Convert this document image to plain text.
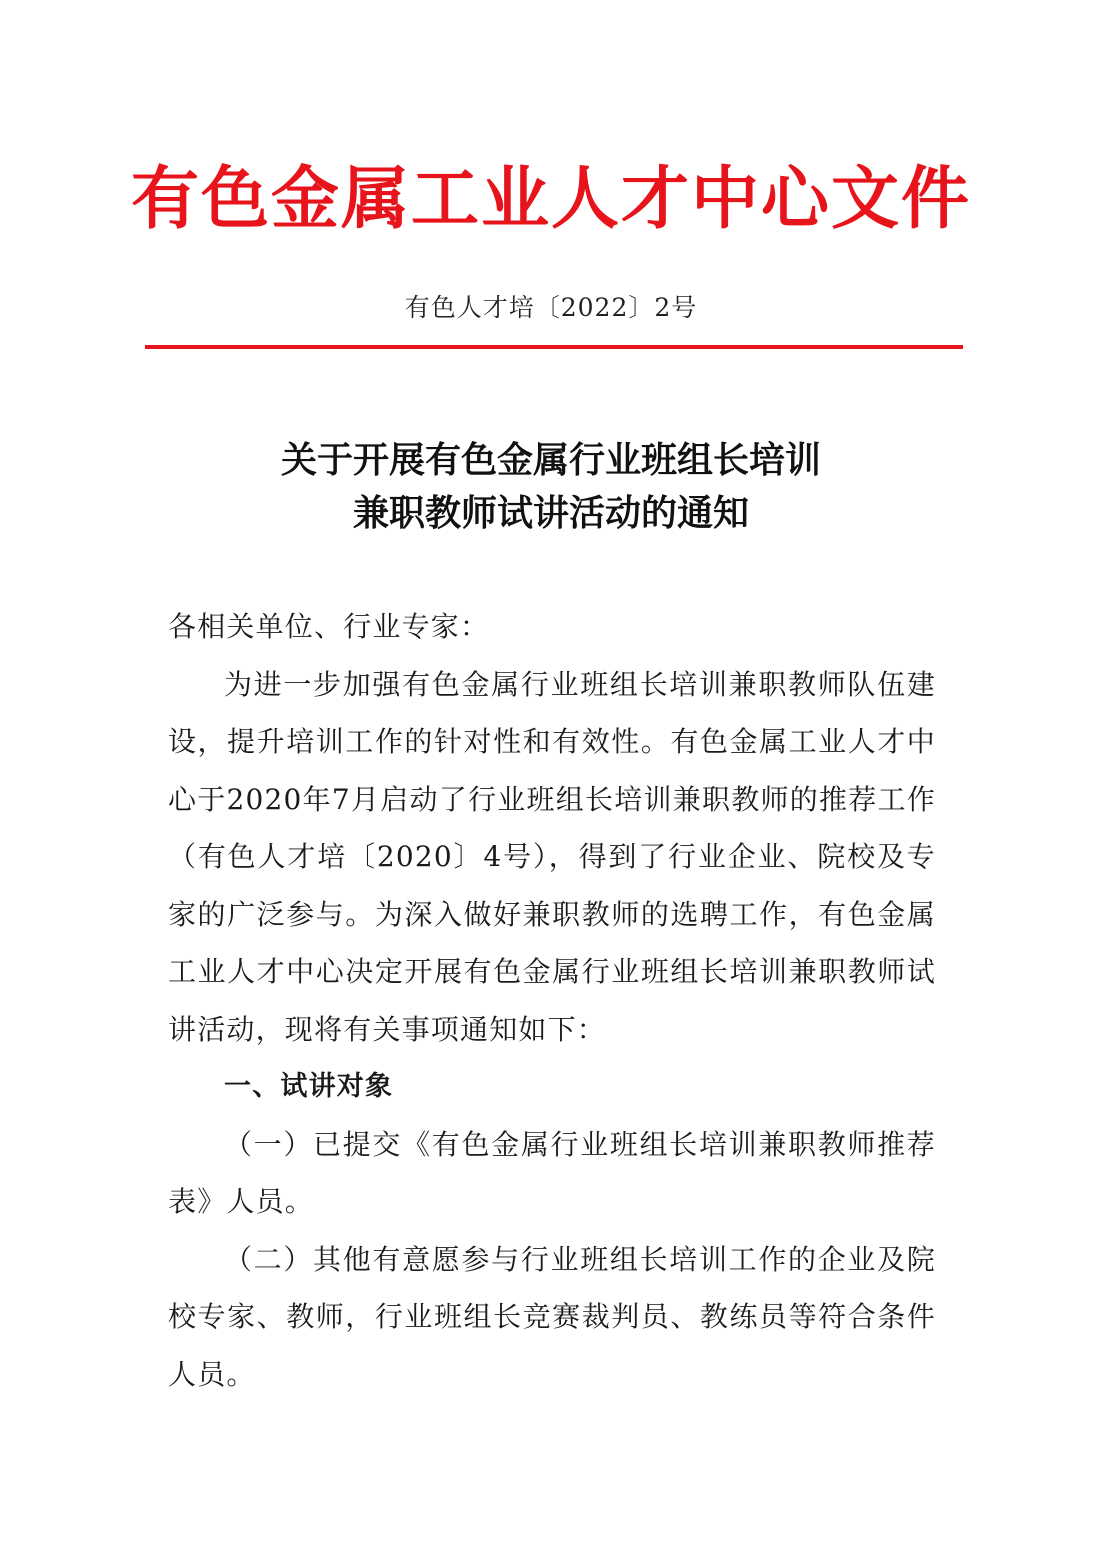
有色金属工业人才中心文件
有色人才培〔2022〕2号
关于开展有色金属行业班组长培训
兼职教师试讲活动的通知

各相关单位、行业专家：

为进一步加强有色金属行业班组长培训兼职教师队伍建设，提升培训工作的针对性和有效性。有色金属工业人才中心于2020年7月启动了行业班组长培训兼职教师的推荐工作（有色人才培〔2020〕4号），得到了行业企业、院校及专家的广泛参与。为深入做好兼职教师的选聘工作，有色金属工业人才中心决定开展有色金属行业班组长培训兼职教师试讲活动，现将有关事项通知如下：

一、试讲对象

（一）已提交《有色金属行业班组长培训兼职教师推荐表》人员。

（二）其他有意愿参与行业班组长培训工作的企业及院校专家、教师，行业班组长竞赛裁判员、教练员等符合条件人员。
